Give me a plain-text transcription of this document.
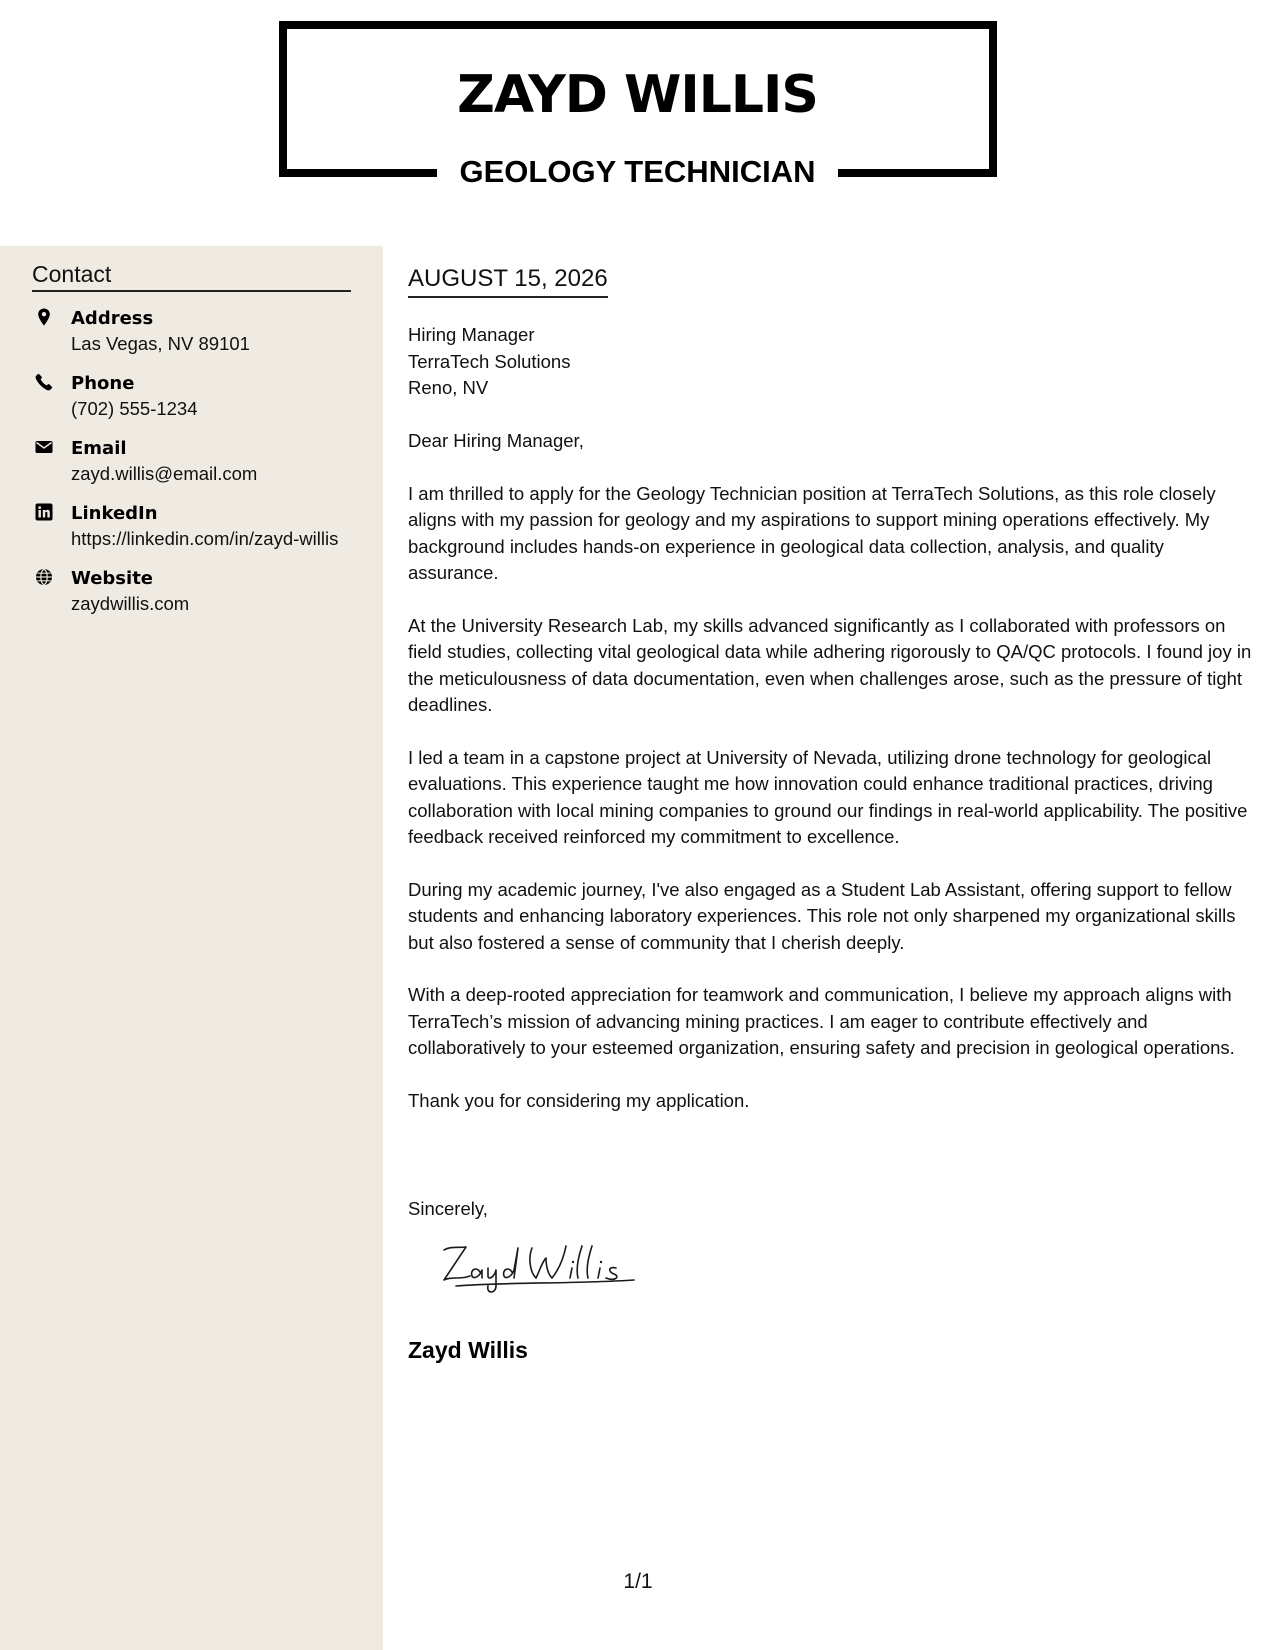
ZAYD WILLIS
GEOLOGY TECHNICIAN
Contact
Address
Las Vegas, NV 89101
Phone
(702) 555-1234
Email
zayd.willis@email.com
LinkedIn
https://linkedin.com/in/zayd-willis
Website
zaydwillis.com
AUGUST 15, 2026
Hiring Manager
TerraTech Solutions
Reno, NV

Dear Hiring Manager,

I am thrilled to apply for the Geology Technician position at TerraTech Solutions, as this role closely aligns with my passion for geology and my aspirations to support mining operations effectively. My background includes hands-on experience in geological data collection, analysis, and quality assurance.

At the University Research Lab, my skills advanced significantly as I collaborated with professors on field studies, collecting vital geological data while adhering rigorously to QA/QC protocols. I found joy in the meticulousness of data documentation, even when challenges arose, such as the pressure of tight deadlines.

I led a team in a capstone project at University of Nevada, utilizing drone technology for geological evaluations. This experience taught me how innovation could enhance traditional practices, driving collaboration with local mining companies to ground our findings in real-world applicability. The positive feedback received reinforced my commitment to excellence.

During my academic journey, I've also engaged as a Student Lab Assistant, offering support to fellow students and enhancing laboratory experiences. This role not only sharpened my organizational skills but also fostered a sense of community that I cherish deeply.

With a deep-rooted appreciation for teamwork and communication, I believe my approach aligns with TerraTech’s mission of advancing mining practices. I am eager to contribute effectively and collaboratively to your esteemed organization, ensuring safety and precision in geological operations.

Thank you for considering my application.

Sincerely,
Zayd Willis
1/1
